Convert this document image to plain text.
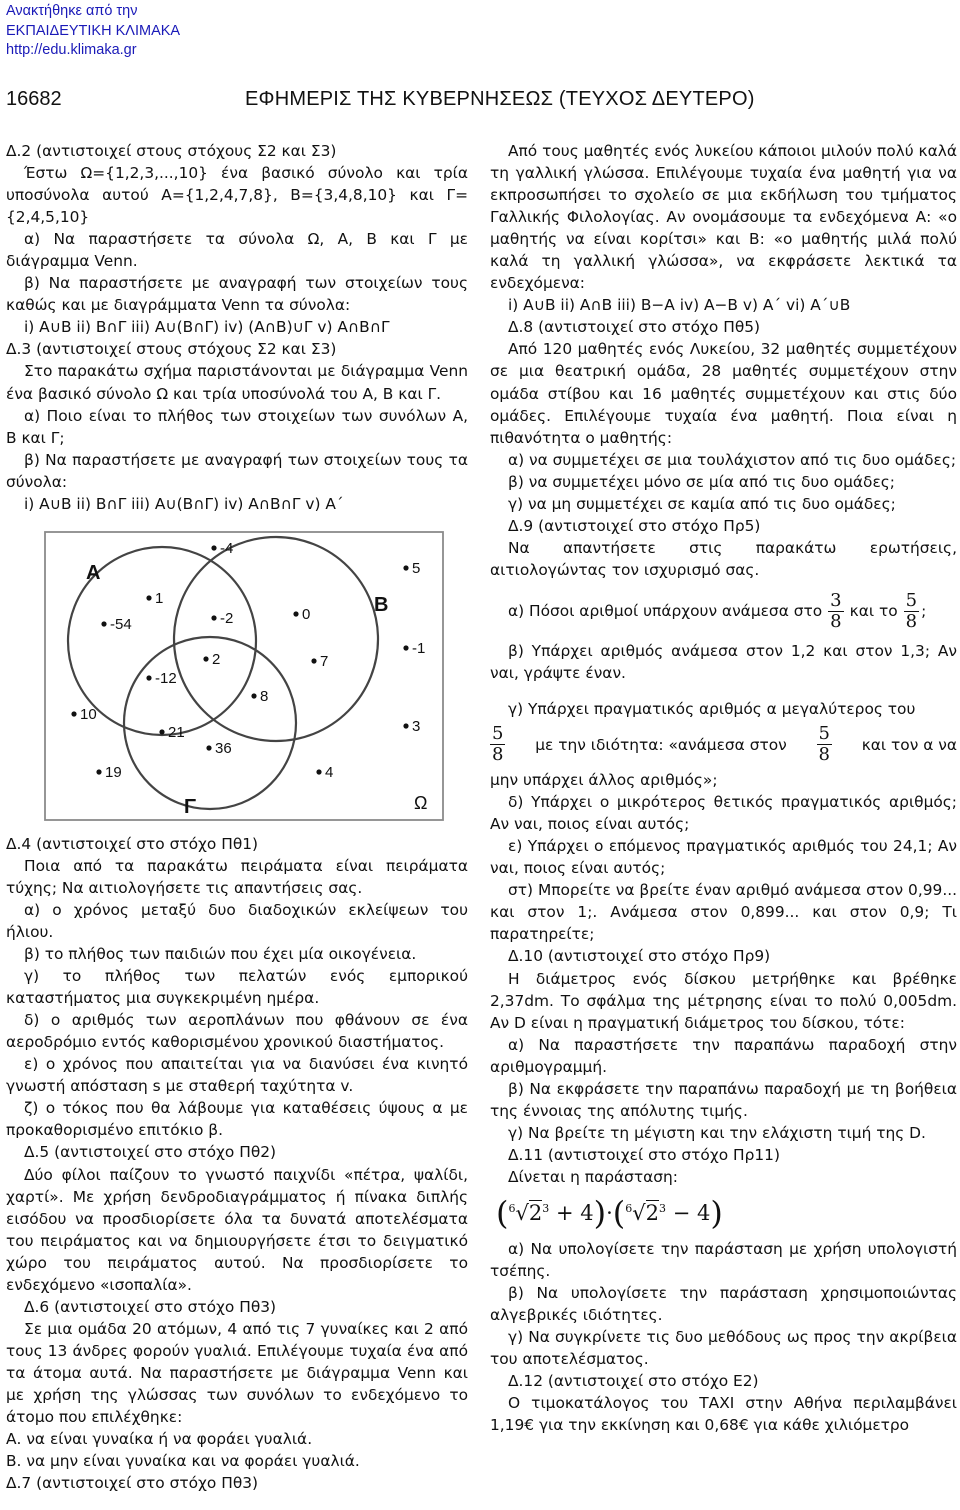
Ανακτήθηκε από την
ΕΚΠΑΙΔΕΥΤΙΚΗ ΚΛΙΜΑΚΑ
http://edu.klimaka.gr
16682	ΕΦΗΜΕΡΙΣ ΤΗΣ ΚΥΒΕΡΝΗΣΕΩΣ (ΤΕΥΧΟΣ ΔΕΥΤΕΡΟ)

Δ.2 (αντιστοιχεί στους στόχους Σ2 και Σ3)

Έστω Ω={1,2,3,...,10} ένα βασικό σύνολο και τρία υποσύνολα αυτού Α={1,2,4,7,8}, Β={3,4,8,10} και Γ={2,4,5,10}

α) Να παραστήσετε τα σύνολα Ω, Α, Β και Γ με διάγραμμα Venn.

β) Να παραστήσετε με αναγραφή των στοιχείων τους καθώς και με διαγράμματα Venn τα σύνολα:

i) A∪B ii) B∩Γ iii) A∪(B∩Γ) iv) (A∩B)∪Γ v) A∩B∩Γ

Δ.3 (αντιστοιχεί στους στόχους Σ2 και Σ3)

Στο παρακάτω σχήμα παριστάνονται με διάγραμμα Venn ένα βασικό σύνολο Ω και τρία υποσύνολά του Α, Β και Γ.

α) Ποιο είναι το πλήθος των στοιχείων των συνόλων Α, Β και Γ;

β) Να παραστήσετε με αναγραφή των στοιχείων τους τα σύνολα:

i) A∪B ii) B∩Γ iii) A∪(B∩Γ) iv) A∩B∩Γ v) A΄

Α
Β
Γ	Ω
-4
5
1
-54	-2	0
-1
2	7
-12
8
10
3
21
36
19	4

Δ.4 (αντιστοιχεί στο στόχο Πθ1)

Ποια από τα παρακάτω πειράματα είναι πειράματα τύχης; Να αιτιολογήσετε τις απαντήσεις σας.

α) ο χρόνος μεταξύ δυο διαδοχικών εκλείψεων του ήλιου.

β) το πλήθος των παιδιών που έχει μία οικογένεια.

γ) το πλήθος των πελατών ενός εμπορικού καταστήματος μια συγκεκριμένη ημέρα.

δ) ο αριθμός των αεροπλάνων που φθάνουν σε ένα αεροδρόμιο εντός καθορισμένου χρονικού διαστήματος.

ε) ο χρόνος που απαιτείται για να διανύσει ένα κινητό γνωστή απόσταση s με σταθερή ταχύτητα v.

ζ) ο τόκος που θα λάβουμε για καταθέσεις ύψους α με προκαθορισμένο επιτόκιο β.

Δ.5 (αντιστοιχεί στο στόχο Πθ2)

Δύο φίλοι παίζουν το γνωστό παιχνίδι «πέτρα, ψαλίδι, χαρτί». Με χρήση δενδροδιαγράμματος ή πίνακα διπλής εισόδου να προσδιορίσετε όλα τα δυνατά αποτελέσματα του πειράματος και να δημιουργήσετε έτσι το δειγματικό χώρο του πειράματος αυτού. Να προσδιορίσετε το ενδεχόμενο «ισοπαλία».

Δ.6 (αντιστοιχεί στο στόχο Πθ3)

Σε μια ομάδα 20 ατόμων, 4 από τις 7 γυναίκες και 2 από τους 13 άνδρες φορούν γυαλιά. Επιλέγουμε τυχαία ένα από τα άτομα αυτά. Να παραστήσετε με διάγραμμα Venn και με χρήση της γλώσσας των συνόλων το ενδεχόμενο το άτομο που επιλέχθηκε:

Α. να είναι γυναίκα ή να φοράει γυαλιά.

Β. να μην είναι γυναίκα και να φοράει γυαλιά.

Δ.7 (αντιστοιχεί στο στόχο Πθ3)

Από τους μαθητές ενός λυκείου κάποιοι μιλούν πολύ καλά τη γαλλική γλώσσα. Επιλέγουμε τυχαία ένα μαθητή για να εκπροσωπήσει το σχολείο σε μια εκδήλωση του τμήματος Γαλλικής Φιλολογίας. Αν ονομάσουμε τα ενδεχόμενα Α: «ο μαθητής να είναι κορίτσι» και Β: «ο μαθητής μιλά πολύ καλά τη γαλλική γλώσσα», να εκφράσετε λεκτικά τα ενδεχόμενα:

i) A∪B ii) A∩B iii) B−A iv) A−B v) A΄ vi) A΄∪B

Δ.8 (αντιστοιχεί στο στόχο Πθ5)

Από 120 μαθητές ενός Λυκείου, 32 μαθητές συμμετέχουν σε μια θεατρική ομάδα, 28 μαθητές συμμετέχουν στην ομάδα στίβου και 16 μαθητές συμμετέχουν και στις δύο ομάδες. Επιλέγουμε τυχαία ένα μαθητή. Ποια είναι η πιθανότητα ο μαθητής:

α) να συμμετέχει σε μια τουλάχιστον από τις δυο ομάδες;

β) να συμμετέχει μόνο σε μία από τις δυο ομάδες;

γ) να μη συμμετέχει σε καμία από τις δυο ομάδες;

Δ.9 (αντιστοιχεί στο στόχο Πρ5)

Να απαντήσετε στις παρακάτω ερωτήσεις, αιτιολογώντας τον ισχυρισμό σας.

α) Πόσοι αριθμοί υπάρχουν ανάμεσα στο $\frac{3}{8}$ και το $\frac{5}{8}$ ;

β) Υπάρχει αριθμός ανάμεσα στον 1,2 και στον 1,3; Αν ναι, γράψτε έναν.

γ) Υπάρχει πραγματικός αριθμός α μεγαλύτερος του

$\frac{5}{8}$ με την ιδιότητα: «ανάμεσα στον $\frac{5}{8}$ και τον α να

μην υπάρχει άλλος αριθμός»;

δ) Υπάρχει ο μικρότερος θετικός πραγματικός αριθμός; Αν ναι, ποιος είναι αυτός;

ε) Υπάρχει ο επόμενος πραγματικός αριθμός του 24,1; Αν ναι, ποιος είναι αυτός;

στ) Μπορείτε να βρείτε έναν αριθμό ανάμεσα στον 0,99... και στον 1;. Ανάμεσα στον 0,899... και στον 0,9; Τι παρατηρείτε;

Δ.10 (αντιστοιχεί στο στόχο Πρ9)

Η διάμετρος ενός δίσκου μετρήθηκε και βρέθηκε 2,37dm. Το σφάλμα της μέτρησης είναι το πολύ 0,005dm. Αν D είναι η πραγματική διάμετρος του δίσκου, τότε:

α) Να παραστήσετε την παραπάνω παραδοχή στην αριθμογραμμή.

β) Να εκφράσετε την παραπάνω παραδοχή με τη βοήθεια της έννοιας της απόλυτης τιμής.

γ) Να βρείτε τη μέγιστη και την ελάχιστη τιμή της D.

Δ.11 (αντιστοιχεί στο στόχο Πρ11)

Δίνεται η παράσταση:

$(^6√2^3 + 4)\cdot(^6√2^3 - 4)$

α) Να υπολογίσετε την παράσταση με χρήση υπολογιστή τσέπης.

β) Να υπολογίσετε την παράσταση χρησιμοποιώντας αλγεβρικές ιδιότητες.

γ) Να συγκρίνετε τις δυο μεθόδους ως προς την ακρίβεια του αποτελέσματος.

Δ.12 (αντιστοιχεί στο στόχο Ε2)

Ο τιμοκατάλογος του ΤΑΧΙ στην Αθήνα περιλαμβάνει 1,19€ για την εκκίνηση και 0,68€ για κάθε χιλιόμετρο
